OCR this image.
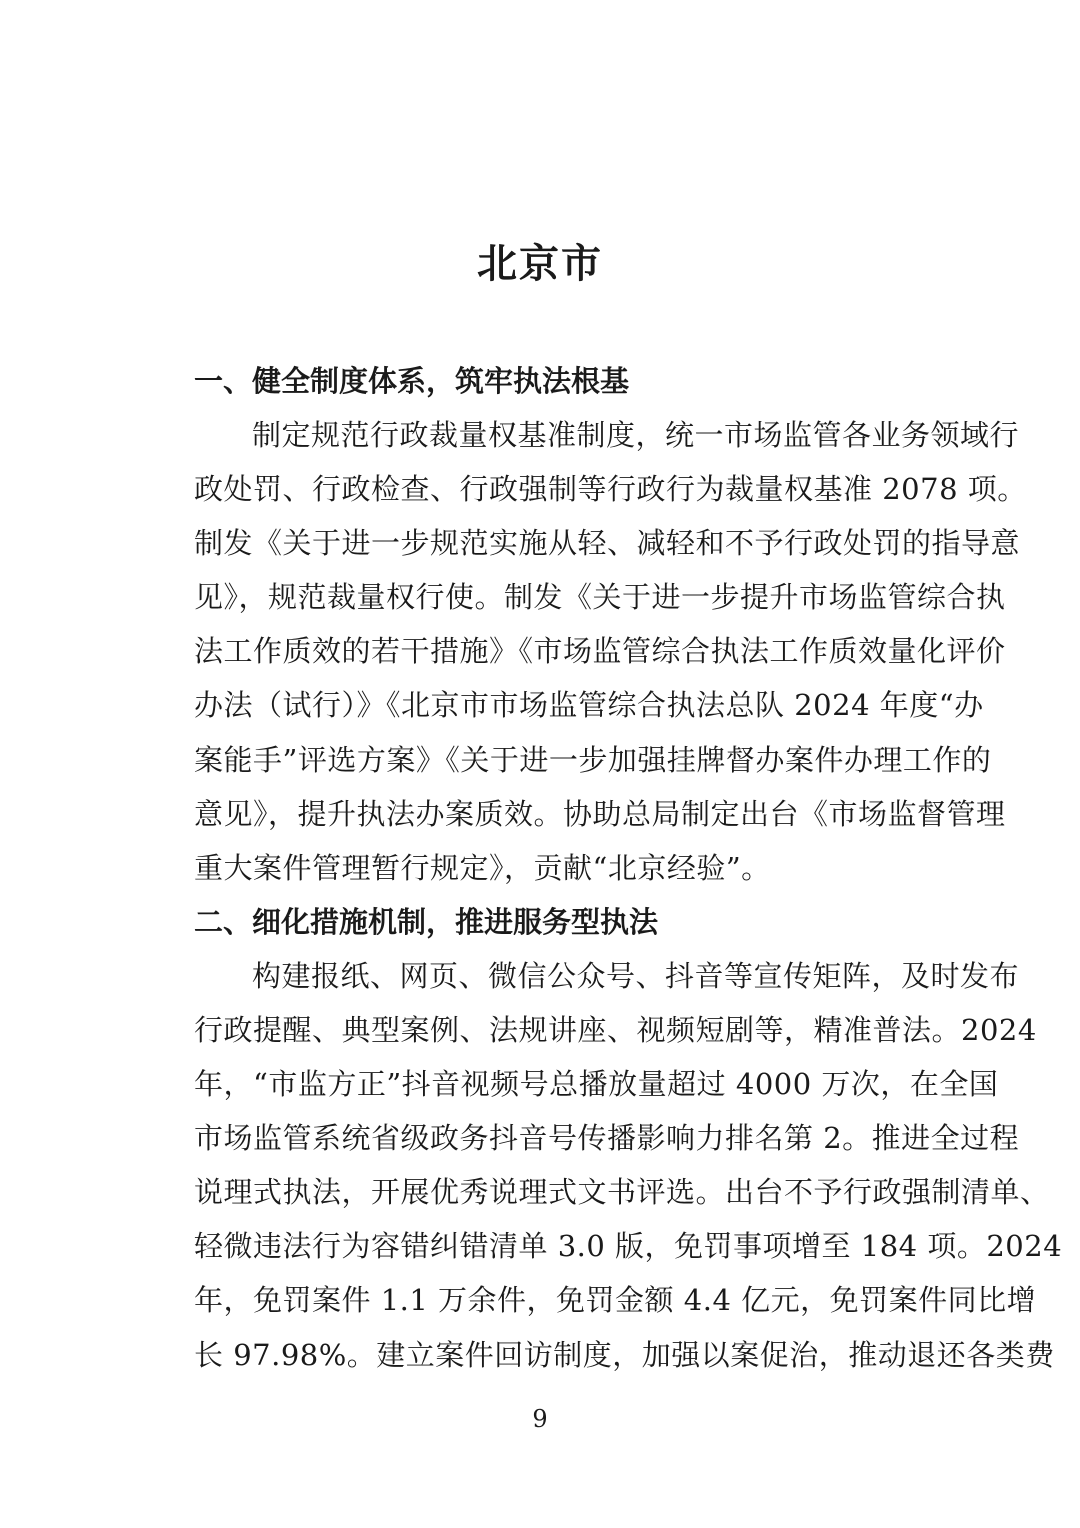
北京市
一、健全制度体系，筑牢执法根基
制定规范行政裁量权基准制度，统一市场监管各业务领域行
政处罚、行政检查、行政强制等行政行为裁量权基准 2078 项。
制发《关于进一步规范实施从轻、减轻和不予行政处罚的指导意
见》，规范裁量权行使。制发《关于进一步提升市场监管综合执
法工作质效的若干措施》《市场监管综合执法工作质效量化评价
办法（试行）》《北京市市场监管综合执法总队 2024 年度“办
案能手”评选方案》《关于进一步加强挂牌督办案件办理工作的
意见》，提升执法办案质效。协助总局制定出台《市场监督管理
重大案件管理暂行规定》，贡献“北京经验”。
二、细化措施机制，推进服务型执法
构建报纸、网页、微信公众号、抖音等宣传矩阵，及时发布
行政提醒、典型案例、法规讲座、视频短剧等，精准普法。2024
年，“市监方正”抖音视频号总播放量超过 4000 万次，在全国
市场监管系统省级政务抖音号传播影响力排名第 2。推进全过程
说理式执法，开展优秀说理式文书评选。出台不予行政强制清单、
轻微违法行为容错纠错清单 3.0 版，免罚事项增至 184 项。2024
年，免罚案件 1.1 万余件，免罚金额 4.4 亿元，免罚案件同比增
长 97.98%。建立案件回访制度，加强以案促治，推动退还各类费
9
